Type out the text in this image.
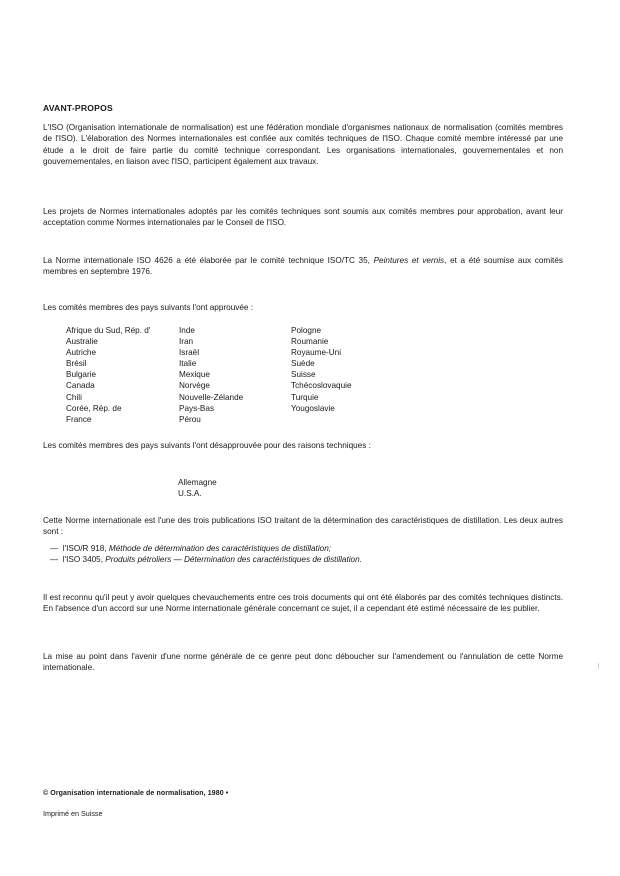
AVANT-PROPOS

L'ISO (Organisation internationale de normalisation) est une fédération mondiale d'organismes nationaux de normalisation (comités membres de l'ISO). L'élaboration des Normes internationales est confiée aux comités techniques de l'ISO. Chaque comité membre intéressé par une étude a le droit de faire partie du comité technique correspondant. Les organisations internationales, gouvernementales et non gouvernementales, en liaison avec l'ISO, participent également aux travaux.

Les projets de Normes internationales adoptés par les comités techniques sont soumis aux comités membres pour approbation, avant leur acceptation comme Normes internationales par le Conseil de l'ISO.

La Norme internationale ISO 4626 a été élaborée par le comité technique ISO/TC 35, Peintures et vernis, et a été soumise aux comités membres en septembre 1976.

Les comités membres des pays suivants l'ont approuvée :

Afrique du Sud, Rép. d'
Australie
Autriche
Brésil
Bulgarie
Canada
Chili
Corée, Rép. de
France
Inde
Iran
Israël
Italie
Mexique
Norvège
Nouvelle-Zélande
Pays-Bas
Pérou
Pologne
Roumanie
Royaume-Uni
Suède
Suisse
Tchécoslovaquie
Turquie
Yougoslavie

Les comités membres des pays suivants l'ont désapprouvée pour des raisons techniques :

Allemagne
U.S.A.

Cette Norme internationale est l'une des trois publications ISO traitant de la détermination des caractéristiques de distillation. Les deux autres sont :

— l'ISO/R 918, Méthode de détermination des caractéristiques de distillation;
— l'ISO 3405, Produits pétroliers — Détermination des caractéristiques de distillation.

Il est reconnu qu'il peut y avoir quelques chevauchements entre ces trois documents qui ont été élaborés par des comités techniques distincts. En l'absence d'un accord sur une Norme internationale générale concernant ce sujet, il a cependant été estimé nécessaire de les publier.

La mise au point dans l'avenir d'une norme générale de ce genre peut donc déboucher sur l'amendement ou l'annulation de cette Norme internationale.

© Organisation internationale de normalisation, 1980 •
Imprimé en Suisse
